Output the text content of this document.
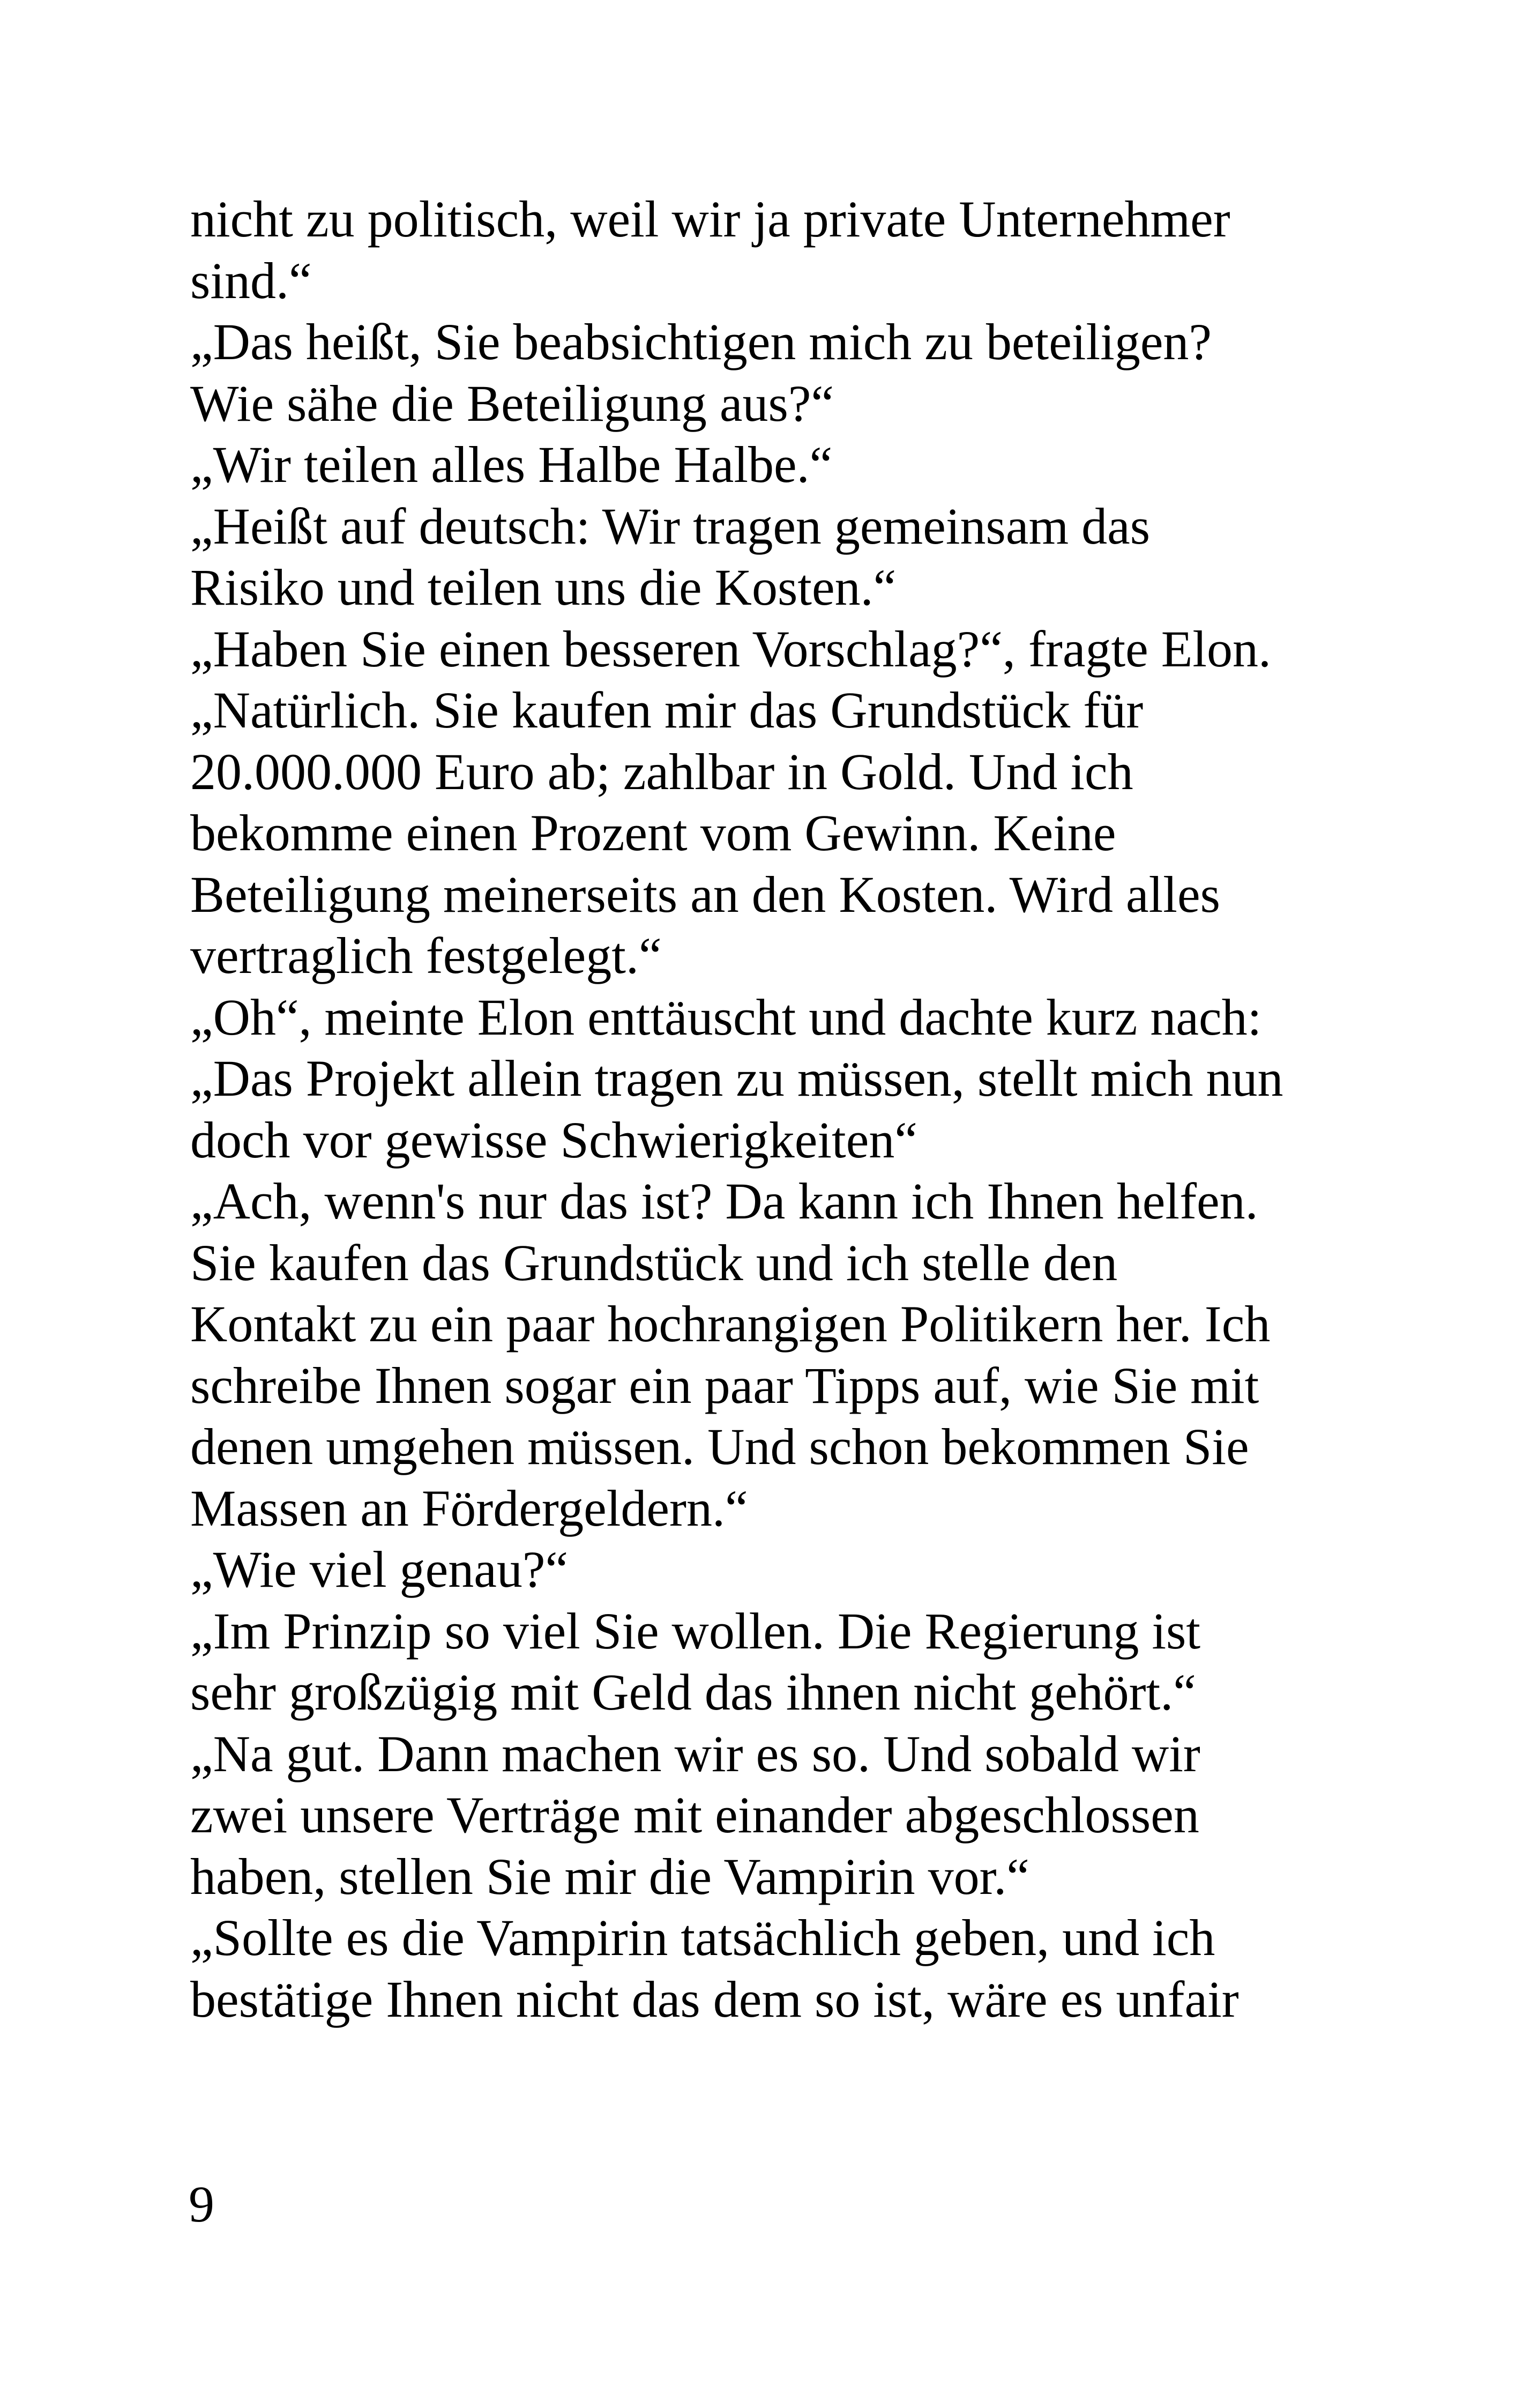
nicht zu politisch, weil wir ja private Unternehmer
sind.“
„Das heißt, Sie beabsichtigen mich zu beteiligen?
Wie sähe die Beteiligung aus?“
„Wir teilen alles Halbe Halbe.“
„Heißt auf deutsch: Wir tragen gemeinsam das
Risiko und teilen uns die Kosten.“
„Haben Sie einen besseren Vorschlag?“, fragte Elon.
„Natürlich. Sie kaufen mir das Grundstück für
20.000.000 Euro ab; zahlbar in Gold. Und ich
bekomme einen Prozent vom Gewinn. Keine
Beteiligung meinerseits an den Kosten. Wird alles
vertraglich festgelegt.“
„Oh“, meinte Elon enttäuscht und dachte kurz nach:
„Das Projekt allein tragen zu müssen, stellt mich nun
doch vor gewisse Schwierigkeiten“
„Ach, wenn's nur das ist? Da kann ich Ihnen helfen.
Sie kaufen das Grundstück und ich stelle den
Kontakt zu ein paar hochrangigen Politikern her. Ich
schreibe Ihnen sogar ein paar Tipps auf, wie Sie mit
denen umgehen müssen. Und schon bekommen Sie
Massen an Fördergeldern.“
„Wie viel genau?“
„Im Prinzip so viel Sie wollen. Die Regierung ist
sehr großzügig mit Geld das ihnen nicht gehört.“
„Na gut. Dann machen wir es so. Und sobald wir
zwei unsere Verträge mit einander abgeschlossen
haben, stellen Sie mir die Vampirin vor.“
„Sollte es die Vampirin tatsächlich geben, und ich
bestätige Ihnen nicht das dem so ist, wäre es unfair
9
